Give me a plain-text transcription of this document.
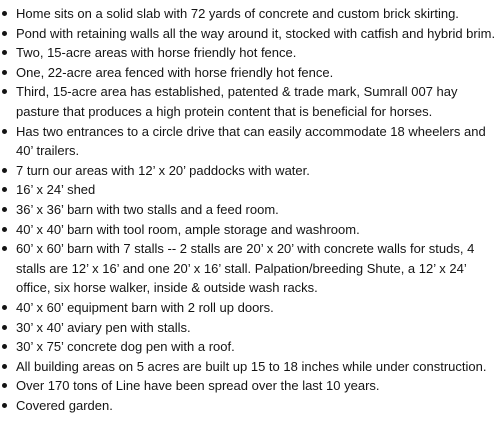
Home sits on a solid slab with 72 yards of concrete and custom brick skirting.
Pond with retaining walls all the way around it, stocked with catfish and hybrid brim.
Two, 15-acre areas with horse friendly hot fence.
One, 22-acre area fenced with horse friendly hot fence.
Third, 15-acre area has established, patented & trade mark, Sumrall 007 hay pasture that produces a high protein content that is beneficial for horses.
Has two entrances to a circle drive that can easily accommodate 18 wheelers and 40’ trailers.
7 turn our areas with 12’ x 20’ paddocks with water.
16’ x 24’ shed
36’ x 36’ barn with two stalls and a feed room.
40’ x 40’ barn with tool room, ample storage and washroom.
60’ x 60’ barn with 7 stalls -- 2 stalls are 20’ x 20’ with concrete walls for studs, 4 stalls are 12’ x 16’ and one 20’ x 16’ stall. Palpation/breeding Shute, a 12’ x 24’ office, six horse walker, inside & outside wash racks.
40’ x 60’ equipment barn with 2 roll up doors.
30’ x 40’ aviary pen with stalls.
30’ x 75’ concrete dog pen with a roof.
All building areas on 5 acres are built up 15 to 18 inches while under construction.
Over 170 tons of Line have been spread over the last 10 years.
Covered garden.
